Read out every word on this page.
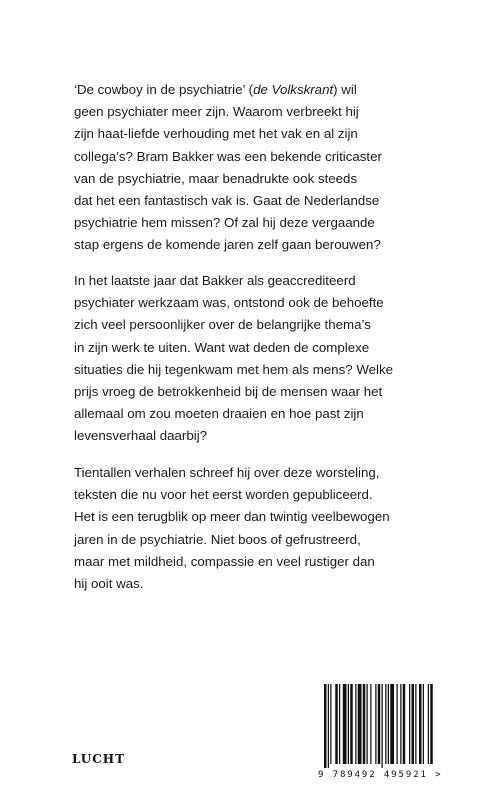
‘De cowboy in de psychiatrie’ (de Volkskrant) wil
geen psychiater meer zijn. Waarom verbreekt hij
zijn haat-liefde verhouding met het vak en al zijn
collega’s? Bram Bakker was een bekende criticaster
van de psychiatrie, maar benadrukte ook steeds
dat het een fantastisch vak is. Gaat de Nederlandse
psychiatrie hem missen? Of zal hij deze vergaande
stap ergens de komende jaren zelf gaan berouwen?
In het laatste jaar dat Bakker als geaccrediteerd
psychiater werkzaam was, ontstond ook de behoefte
zich veel persoonlijker over de belangrijke thema’s
in zijn werk te uiten. Want wat deden de complexe
situaties die hij tegenkwam met hem als mens? Welke
prijs vroeg de betrokkenheid bij de mensen waar het
allemaal om zou moeten draaien en hoe past zijn
levensverhaal daarbij?
Tientallen verhalen schreef hij over deze worsteling,
teksten die nu voor het eerst worden gepubliceerd.
Het is een terugblik op meer dan twintig veelbewogen
jaren in de psychiatrie. Niet boos of gefrustreerd,
maar met mildheid, compassie en veel rustiger dan
hij ooit was.
LUCHT
9 789492 495921 >
